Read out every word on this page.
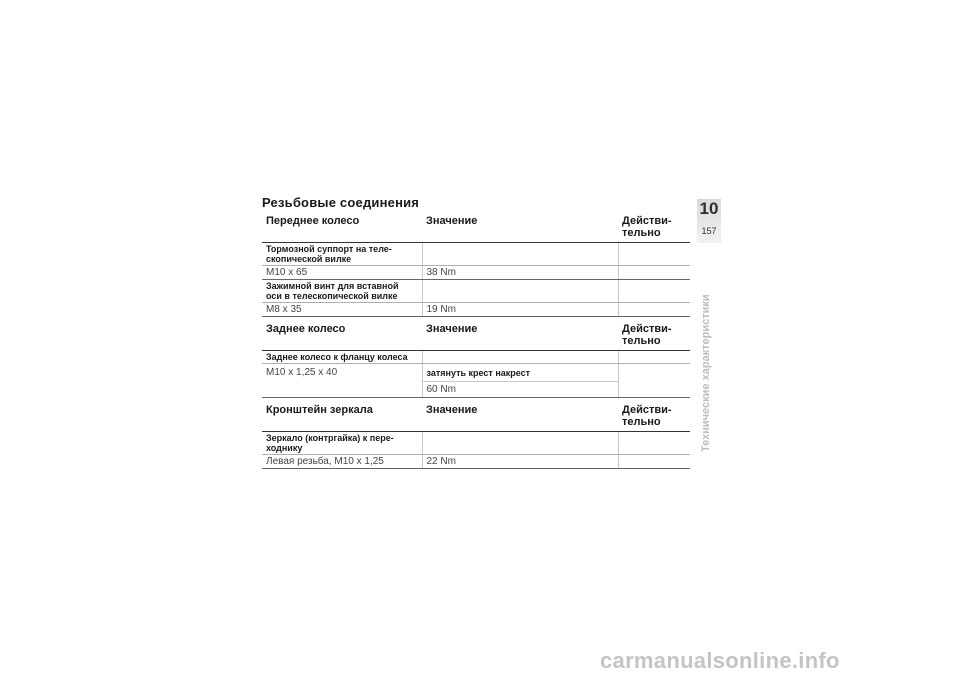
Резьбовые соединения
Переднее колесо	Значение	Действи-
тельно
Тормозной суппорт на теле-
скопической вилке		
М10 х 65	38 Nm	
Зажимной винт для вставной
оси в телескопической вилке		
М8 х 35	19 Nm	
Заднее колесо	Значение	Действи-
тельно
Заднее колесо к фланцу колеса		
М10 х 1,25 х 40	затянуть крест накрест	
	60 Nm	
Кронштейн зеркала	Значение	Действи-
тельно
Зеркало (контргайка) к пере-
ходнику		
Левая резьба, М10 х 1,25	22 Nm	
10
157
Технические характеристики
carmanualsonline.info
